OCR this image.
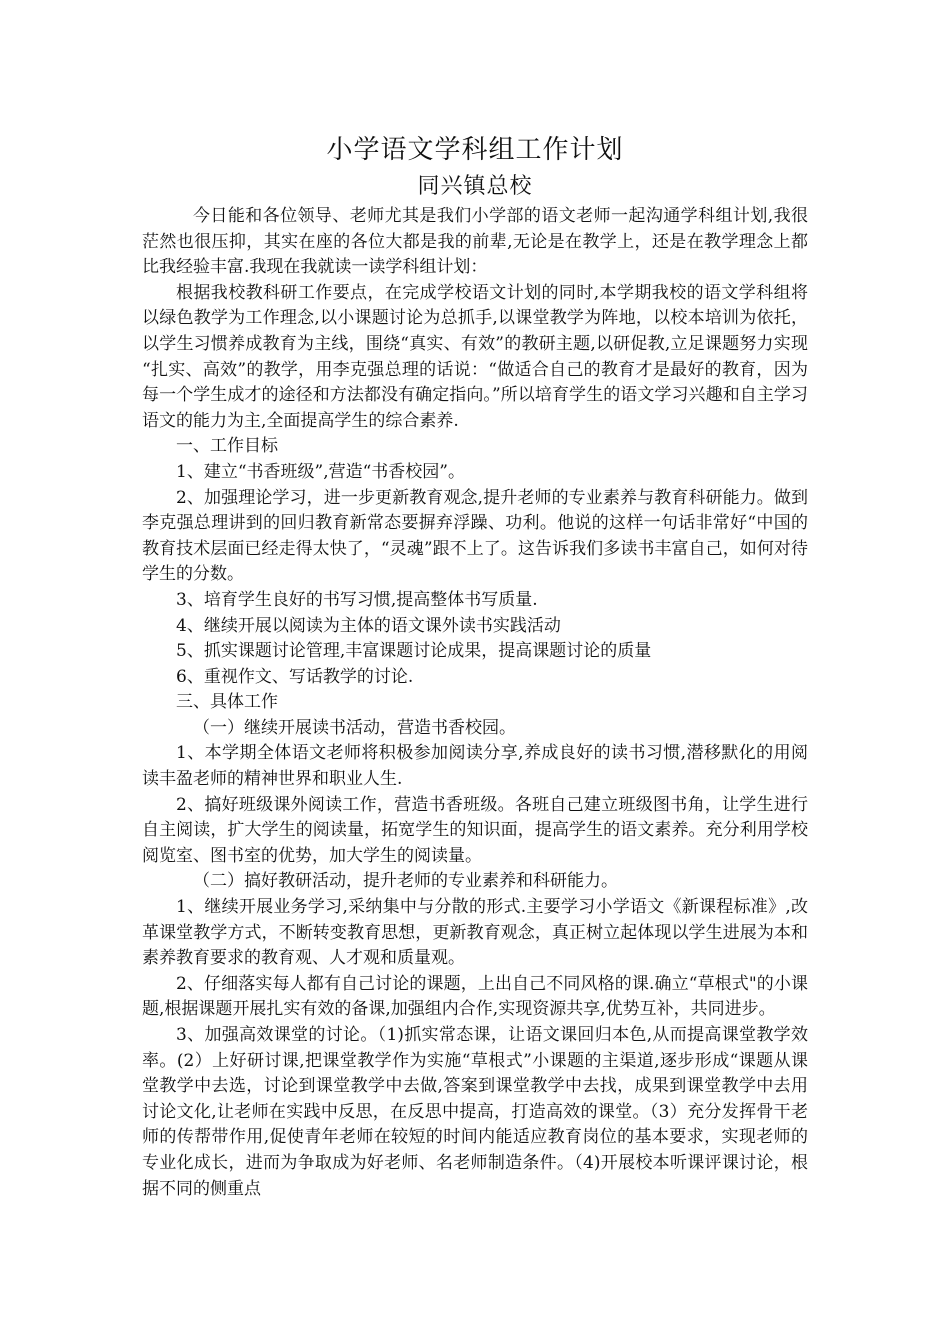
小学语文学科组工作计划
同兴镇总校

今日能和各位领导、老师尤其是我们小学部的语文老师一起沟通学科组计划,我很茫然也很压抑，其实在座的各位大都是我的前辈,无论是在教学上，还是在教学理念上都比我经验丰富.我现在我就读一读学科组计划：

根据我校教科研工作要点，在完成学校语文计划的同时,本学期我校的语文学科组将以绿色教学为工作理念,以小课题讨论为总抓手,以课堂教学为阵地，以校本培训为依托，以学生习惯养成教育为主线，围绕“真实、有效”的教研主题,以研促教,立足课题努力实现 “扎实、高效”的教学，用李克强总理的话说：“做适合自己的教育才是最好的教育，因为每一个学生成才的途径和方法都没有确定指向。”所以培育学生的语文学习兴趣和自主学习语文的能力为主,全面提高学生的综合素养.

一、工作目标

1、建立“书香班级”,营造“书香校园”。

2、加强理论学习，进一步更新教育观念,提升老师的专业素养与教育科研能力。做到李克强总理讲到的回归教育新常态要摒弃浮躁、功利。他说的这样一句话非常好“中国的教育技术层面已经走得太快了，“灵魂”跟不上了。这告诉我们多读书丰富自己，如何对待学生的分数。

3、培育学生良好的书写习惯,提高整体书写质量.

4、继续开展以阅读为主体的语文课外读书实践活动

5、抓实课题讨论管理,丰富课题讨论成果，提高课题讨论的质量

6、重视作文、写话教学的讨论.

三、具体工作

（一）继续开展读书活动，营造书香校园。

1、本学期全体语文老师将积极参加阅读分享,养成良好的读书习惯,潜移默化的用阅读丰盈老师的精神世界和职业人生.

2、搞好班级课外阅读工作，营造书香班级。各班自己建立班级图书角，让学生进行自主阅读，扩大学生的阅读量，拓宽学生的知识面，提高学生的语文素养。充分利用学校阅览室、图书室的优势，加大学生的阅读量。

（二）搞好教研活动，提升老师的专业素养和科研能力。

1、继续开展业务学习,采纳集中与分散的形式.主要学习小学语文《新课程标准》,改革课堂教学方式，不断转变教育思想，更新教育观念，真正树立起体现以学生进展为本和素养教育要求的教育观、人才观和质量观。

2、仔细落实每人都有自己讨论的课题，上出自己不同风格的课.确立“草根式"的小课题,根据课题开展扎实有效的备课,加强组内合作,实现资源共享,优势互补，共同进步。

3、加强高效课堂的讨论。（1)抓实常态课，让语文课回归本色,从而提高课堂教学效率。(2）上好研讨课,把课堂教学作为实施“草根式”小课题的主渠道,逐步形成“课题从课堂教学中去选，讨论到课堂教学中去做,答案到课堂教学中去找，成果到课堂教学中去用讨论文化,让老师在实践中反思，在反思中提高，打造高效的课堂。（3）充分发挥骨干老师的传帮带作用,促使青年老师在较短的时间内能适应教育岗位的基本要求，实现老师的专业化成长，进而为争取成为好老师、名老师制造条件。（4)开展校本听课评课讨论，根据不同的侧重点
